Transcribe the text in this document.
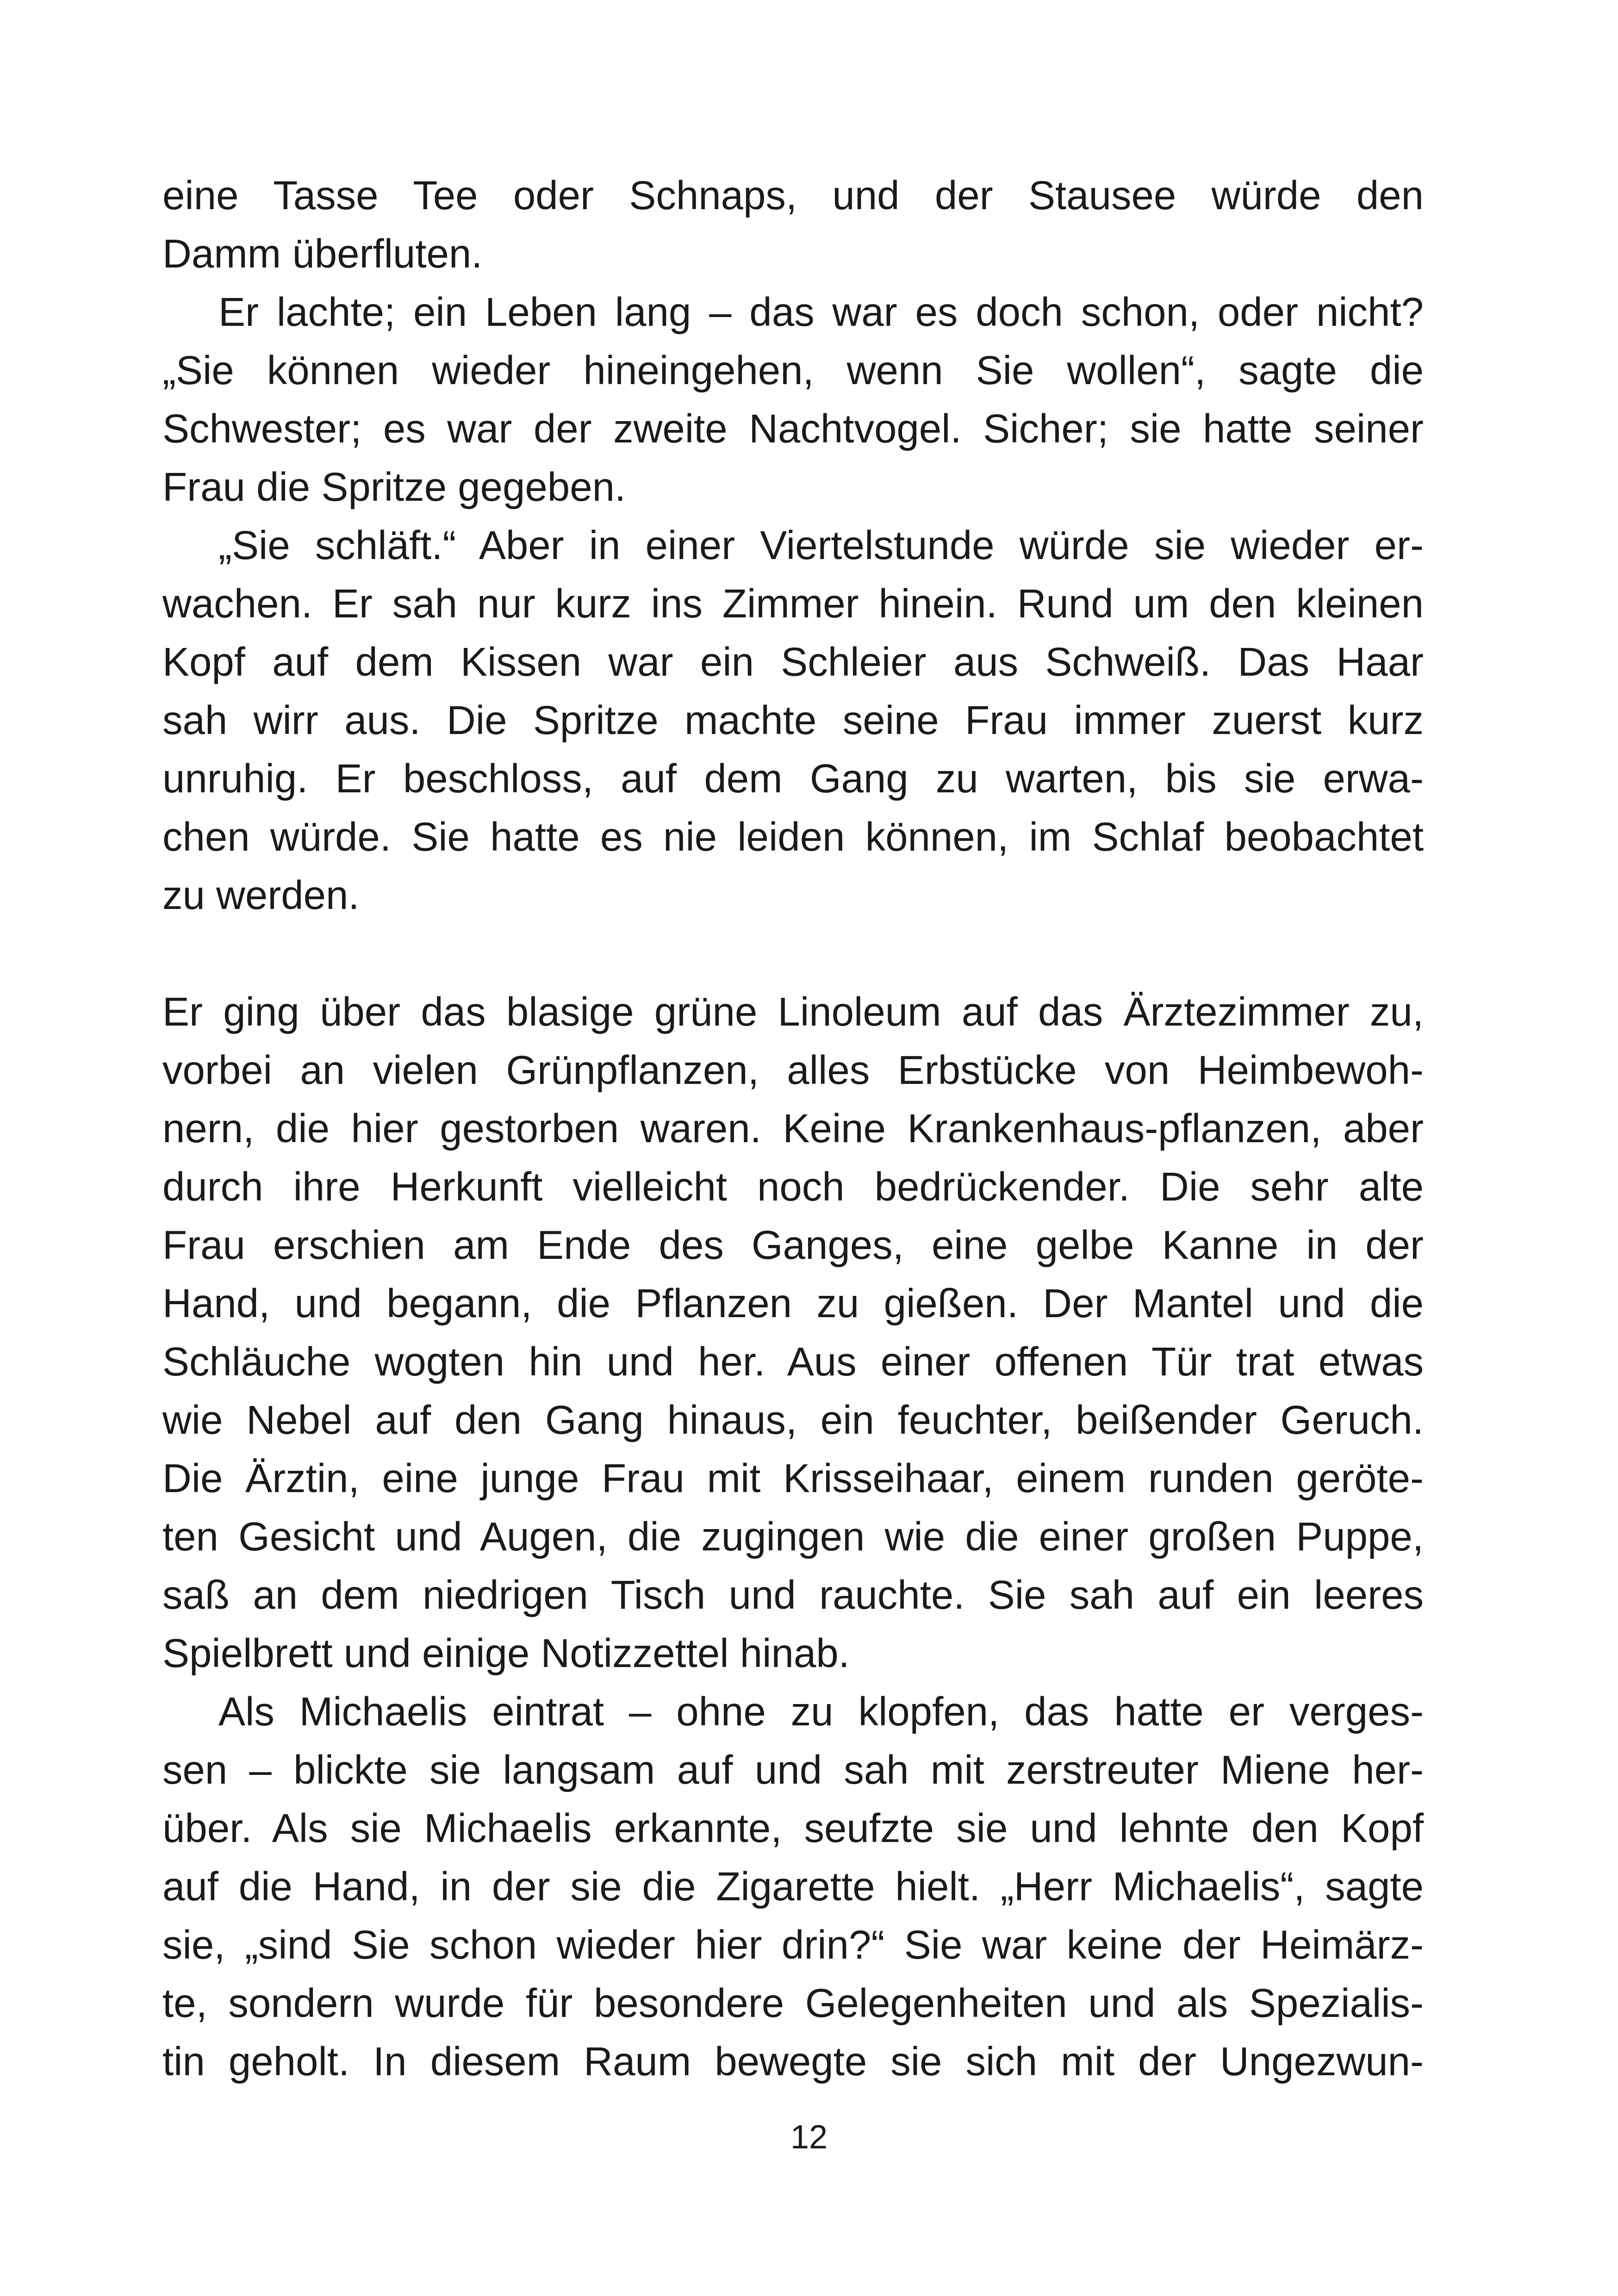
eine Tasse Tee oder Schnaps, und der Stausee würde den
Damm überfluten.
Er lachte; ein Leben lang – das war es doch schon, oder nicht?
„Sie können wieder hineingehen, wenn Sie wollen“, sagte die
Schwester; es war der zweite Nachtvogel. Sicher; sie hatte seiner
Frau die Spritze gegeben.
„Sie schläft.“ Aber in einer Viertelstunde würde sie wieder er-
wachen. Er sah nur kurz ins Zimmer hinein. Rund um den kleinen
Kopf auf dem Kissen war ein Schleier aus Schweiß. Das Haar
sah wirr aus. Die Spritze machte seine Frau immer zuerst kurz
unruhig. Er beschloss, auf dem Gang zu warten, bis sie erwa-
chen würde. Sie hatte es nie leiden können, im Schlaf beobachtet
zu werden.
Er ging über das blasige grüne Linoleum auf das Ärztezimmer zu,
vorbei an vielen Grünpflanzen, alles Erbstücke von Heimbewoh-
nern, die hier gestorben waren. Keine Krankenhaus-pflanzen, aber
durch ihre Herkunft vielleicht noch bedrückender. Die sehr alte
Frau erschien am Ende des Ganges, eine gelbe Kanne in der
Hand, und begann, die Pflanzen zu gießen. Der Mantel und die
Schläuche wogten hin und her. Aus einer offenen Tür trat etwas
wie Nebel auf den Gang hinaus, ein feuchter, beißender Geruch.
Die Ärztin, eine junge Frau mit Krisseihaar, einem runden geröte-
ten Gesicht und Augen, die zugingen wie die einer großen Puppe,
saß an dem niedrigen Tisch und rauchte. Sie sah auf ein leeres
Spielbrett und einige Notizzettel hinab.
Als Michaelis eintrat – ohne zu klopfen, das hatte er verges-
sen – blickte sie langsam auf und sah mit zerstreuter Miene her-
über. Als sie Michaelis erkannte, seufzte sie und lehnte den Kopf
auf die Hand, in der sie die Zigarette hielt. „Herr Michaelis“, sagte
sie, „sind Sie schon wieder hier drin?“ Sie war keine der Heimärz-
te, sondern wurde für besondere Gelegenheiten und als Spezialis-
tin geholt. In diesem Raum bewegte sie sich mit der Ungezwun-
12
